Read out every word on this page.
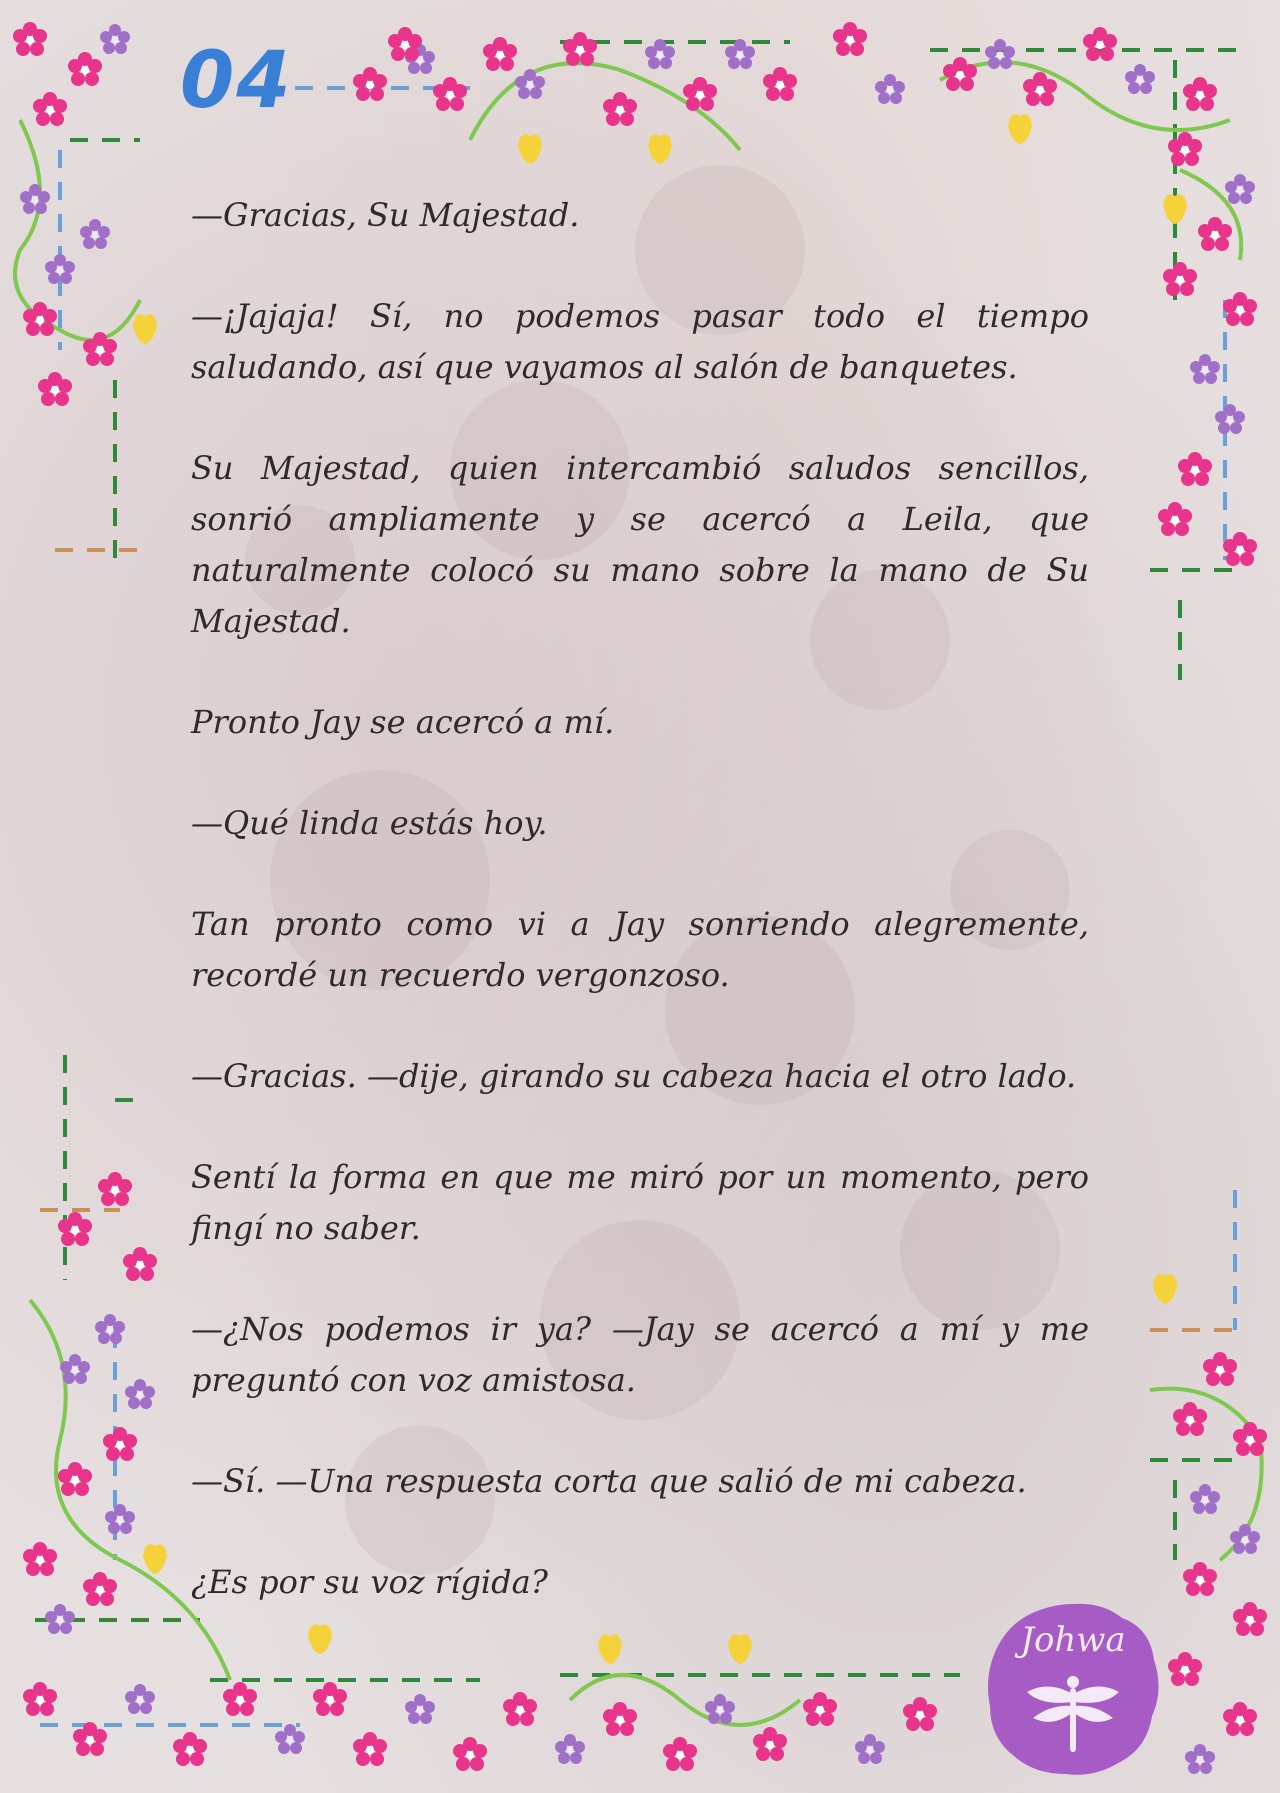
04

—Gracias, Su Majestad.

—¡Jajaja! Sí, no podemos pasar todo el tiempo saludando, así que vayamos al salón de banquetes.

Su Majestad, quien intercambió saludos sencillos, sonrió ampliamente y se acercó a Leila, que naturalmente colocó su mano sobre la mano de Su Majestad.

Pronto Jay se acercó a mí.

—Qué linda estás hoy.

Tan pronto como vi a Jay sonriendo alegremente, recordé un recuerdo vergonzoso.

—Gracias. —dije, girando su cabeza hacia el otro lado.

Sentí la forma en que me miró por un momento, pero fingí no saber.

—¿Nos podemos ir ya? —Jay se acercó a mí y me preguntó con voz amistosa.

—Sí. —Una respuesta corta que salió de mi cabeza.

¿Es por su voz rígida?

Johwa
